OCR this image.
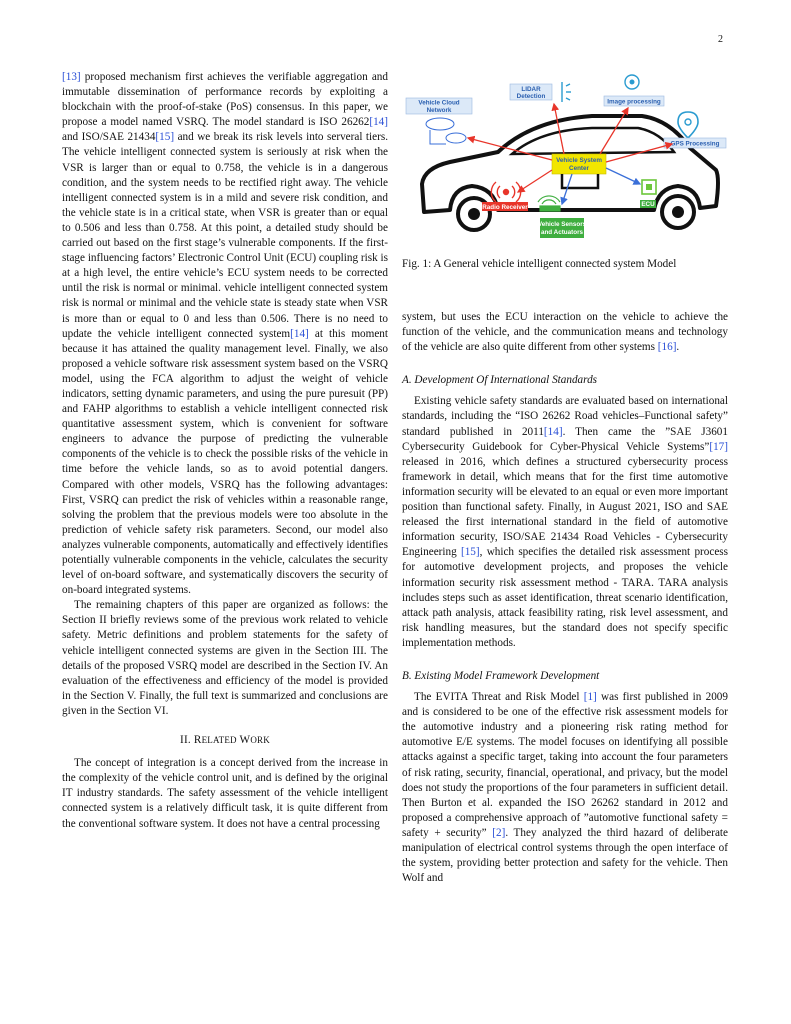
2

[13] proposed mechanism first achieves the verifiable aggregation and immutable dissemination of performance records by exploiting a blockchain with the proof-of-stake (PoS) consensus. In this paper, we propose a model named VSRQ. The model standard is ISO 26262[14] and ISO/SAE 21434[15] and we break its risk levels into serveral tiers. The vehicle intelligent connected system is seriously at risk when the VSR is larger than or equal to 0.758, the vehicle is in a dangerous condition, and the system needs to be rectified right away. The vehicle intelligent connected system is in a mild and severe risk condition, and the vehicle state is in a critical state, when VSR is greater than or equal to 0.506 and less than 0.758. At this point, a detailed study should be carried out based on the first stage’s vulnerable components. If the first-stage influencing factors’ Electronic Control Unit (ECU) coupling risk is at a high level, the entire vehicle’s ECU system needs to be corrected until the risk is normal or minimal. vehicle intelligent connected system risk is normal or minimal and the vehicle state is steady state when VSR is more than or equal to 0 and less than 0.506. There is no need to update the vehicle intelligent connected system[14] at this moment because it has attained the quality management level. Finally, we also proposed a vehicle software risk assessment system based on the VSRQ model, using the FCA algorithm to adjust the weight of vehicle indicators, setting dynamic parameters, and using the pure puresuit (PP) and FAHP algorithms to establish a vehicle intelligent connected risk quantitative assessment system, which is convenient for software engineers to advance the purpose of predicting the vulnerable components of the vehicle is to check the possible risks of the vehicle in time before the vehicle lands, so as to avoid potential dangers. Compared with other models, VSRQ has the following advantages: First, VSRQ can predict the risk of vehicles within a reasonable range, solving the problem that the previous models were too absolute in the prediction of vehicle safety risk parameters. Second, our model also analyzes vulnerable components, automatically and effectively identifies potentially vulnerable components in the vehicle, calculates the security level of on-board software, and systematically discovers the security of on-board integrated systems.

The remaining chapters of this paper are organized as follows: the Section II briefly reviews some of the previous work related to vehicle safety. Metric definitions and problem statements for the safety of vehicle intelligent connected systems are given in the Section III. The details of the proposed VSRQ model are described in the Section IV. An evaluation of the effectiveness and efficiency of the model is provided in the Section V. Finally, the full text is summarized and conclusions are given in the Section VI.

II. RELATED WORK

The concept of integration is a concept derived from the increase in the complexity of the vehicle control unit, and is defined by the original IT industry standards. The safety assessment of the vehicle intelligent connected system is a relatively difficult task, it is quite different from the conventional software system. It does not have a central processing

Vehicle Cloud
Network
LIDAR
Detection
Image processing
GPS Processing
Vehicle System
Center
Radio Receiver
Vehicle Sensors
and Actuators
ECU
Fig. 1: A General vehicle intelligent connected system Model

system, but uses the ECU interaction on the vehicle to achieve the function of the vehicle, and the communication means and technology of the vehicle are also quite different from other systems [16].

A. Development Of International Standards

Existing vehicle safety standards are evaluated based on international standards, including the “ISO 26262 Road vehicles–Functional safety” standard published in 2011[14]. Then came the ”SAE J3601 Cybersecurity Guidebook for Cyber-Physical Vehicle Systems”[17] released in 2016, which defines a structured cybersecurity process framework in detail, which means that for the first time automotive information security will be elevated to an equal or even more important position than functional safety. Finally, in August 2021, ISO and SAE released the first international standard in the field of automotive information security, ISO/SAE 21434 Road Vehicles - Cybersecurity Engineering [15], which specifies the detailed risk assessment process for automotive development projects, and proposes the vehicle information security risk assessment method - TARA. TARA analysis includes steps such as asset identification, threat scenario identification, attack path analysis, attack feasibility rating, risk level assessment, and risk handling measures, but the standard does not specify specific implementation methods.

B. Existing Model Framework Development

The EVITA Threat and Risk Model [1] was first published in 2009 and is considered to be one of the effective risk assessment models for the automotive industry and a pioneering risk rating method for automotive E/E systems. The model focuses on identifying all possible attacks against a specific target, taking into account the four parameters of risk rating, security, financial, operational, and privacy, but the model does not study the proportions of the four parameters in sufficient detail. Then Burton et al. expanded the ISO 26262 standard in 2012 and proposed a comprehensive approach of ”automotive functional safety = safety + security” [2]. They analyzed the third hazard of deliberate manipulation of electrical control systems through the open interface of the system, providing better protection and safety for the vehicle. Then Wolf and
